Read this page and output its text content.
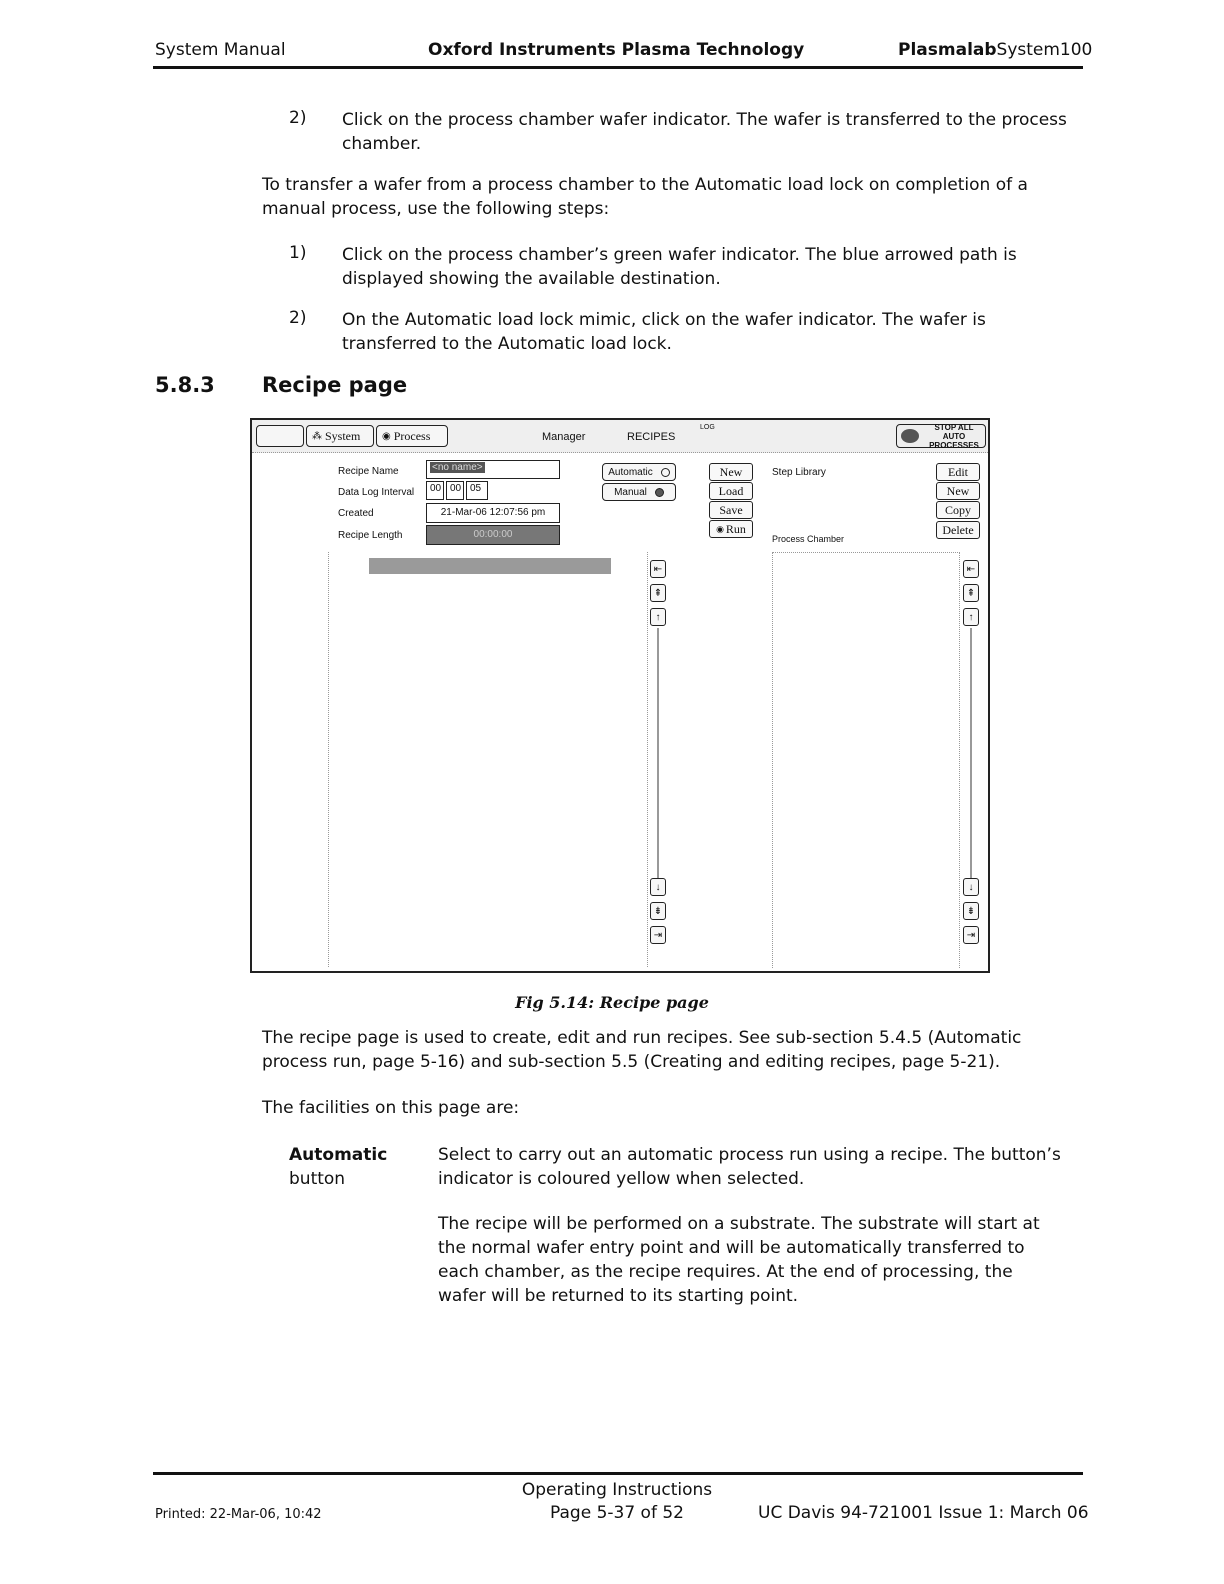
System Manual	Oxford Instruments Plasma Technology	PlasmalabSystem100
2) Click on the process chamber wafer indicator. The wafer is transferred to the process
chamber.
To transfer a wafer from a process chamber to the Automatic load lock on completion of a
manual process, use the following steps:
1) Click on the process chamber’s green wafer indicator. The blue arrowed path is
displayed showing the available destination.
2) On the Automatic load lock mimic, click on the wafer indicator. The wafer is
transferred to the Automatic load lock.
5.8.3 Recipe page
⁂ System ◉ Process	Manager	RECIPES
LOG	STOP ALL AUTO
PROCESSES
Recipe Name	<no name>
Data Log Interval	00 00 05
Created	21-Mar-06 12:07:56 pm
Recipe Length	00:00:00
Automatic
Manual
New
Load
Save
◉ Run
Step Library
Process Chamber
Edit
New
Copy
Delete
⇤
⇞
↑
↓
⇟
⇥
⇤
⇞
↑
↓
⇟
⇥
Fig 5.14: Recipe page
The recipe page is used to create, edit and run recipes. See sub-section 5.4.5 (Automatic
process run, page 5-16) and sub-section 5.5 (Creating and editing recipes, page 5-21).
The facilities on this page are:
Automatic
button
Select to carry out an automatic process run using a recipe. The button’s
indicator is coloured yellow when selected.
The recipe will be performed on a substrate. The substrate will start at
the normal wafer entry point and will be automatically transferred to
each chamber, as the recipe requires. At the end of processing, the
wafer will be returned to its starting point.
Printed: 22-Mar-06, 10:42
Operating Instructions
Page 5-37 of 52	UC Davis 94-721001 Issue 1: March 06
